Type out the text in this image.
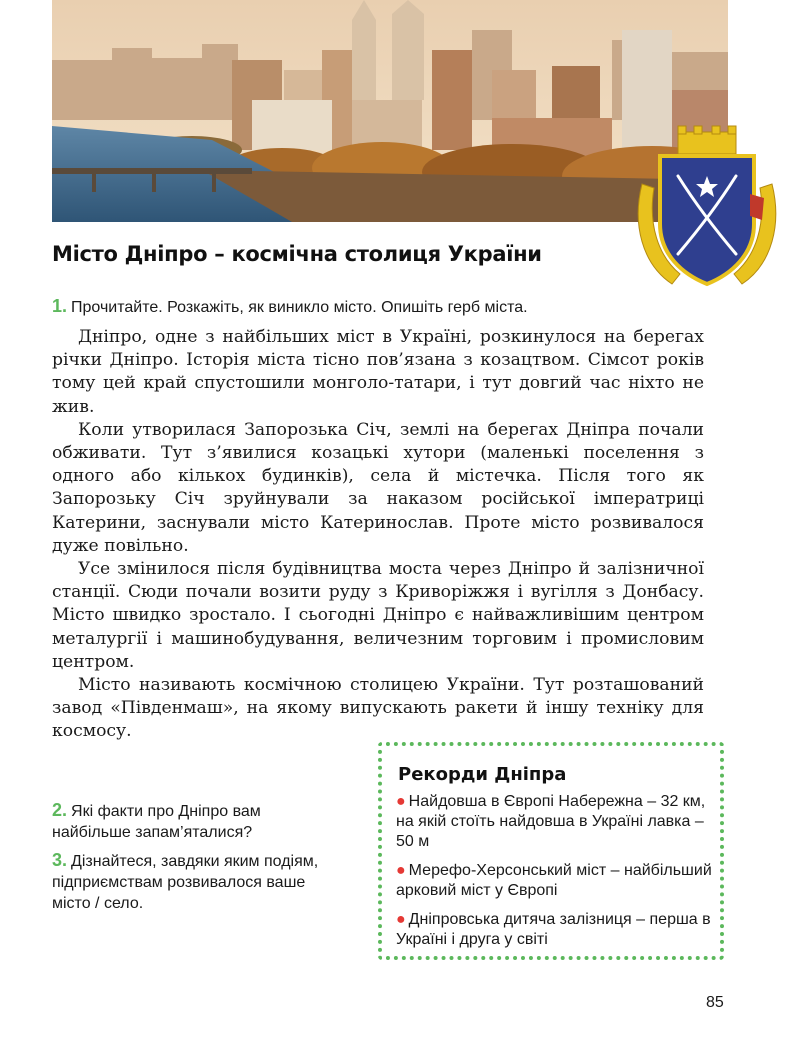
Місто Дніпро – космічна столиця України
1. Прочитайте. Розкажіть, як виникло місто. Опишіть герб міста.

Дніпро, одне з найбільших міст в Україні, розкинулося на берегах річки Дніпро. Історія міста тісно пов’язана з козацтвом. Сімсот років тому цей край спустошили монголо-татари, і тут довгий час ніхто не жив.

Коли утворилася Запорозька Січ, землі на берегах Дніпра почали обживати. Тут з’явилися козацькі хутори (маленькі поселення з одного або кількох будинків), села й містечка. Після того як Запорозьку Січ зруйнували за наказом російської імператриці Катерини, заснували місто Катеринослав. Проте місто розвивалося дуже повільно.

Усе змінилося після будівництва моста через Дніпро й залізничної станції. Сюди почали возити руду з Криворіжжя і вугілля з Донбасу. Місто швидко зростало. І сьогодні Дніпро є найважливішим центром металургії і машинобудування, величезним торговим і промисловим центром.

Місто називають космічною столицею України. Тут розташований завод «Південмаш», на якому випускають ракети й іншу техніку для космосу.

2. Які факти про Дніпро вам найбільше запам’яталися?
3. Дізнайтеся, завдяки яким подіям, підприємствам розвивалося ваше місто / село.
Рекорди Дніпра
● Найдовша в Європі Набережна – 32 км, на якій стоїть найдовша в Україні лавка – 50 м
● Мерефо-Херсонський міст – найбільший арковий міст у Європі
● Дніпровська дитяча залізниця – перша в Україні і друга у світі
85
